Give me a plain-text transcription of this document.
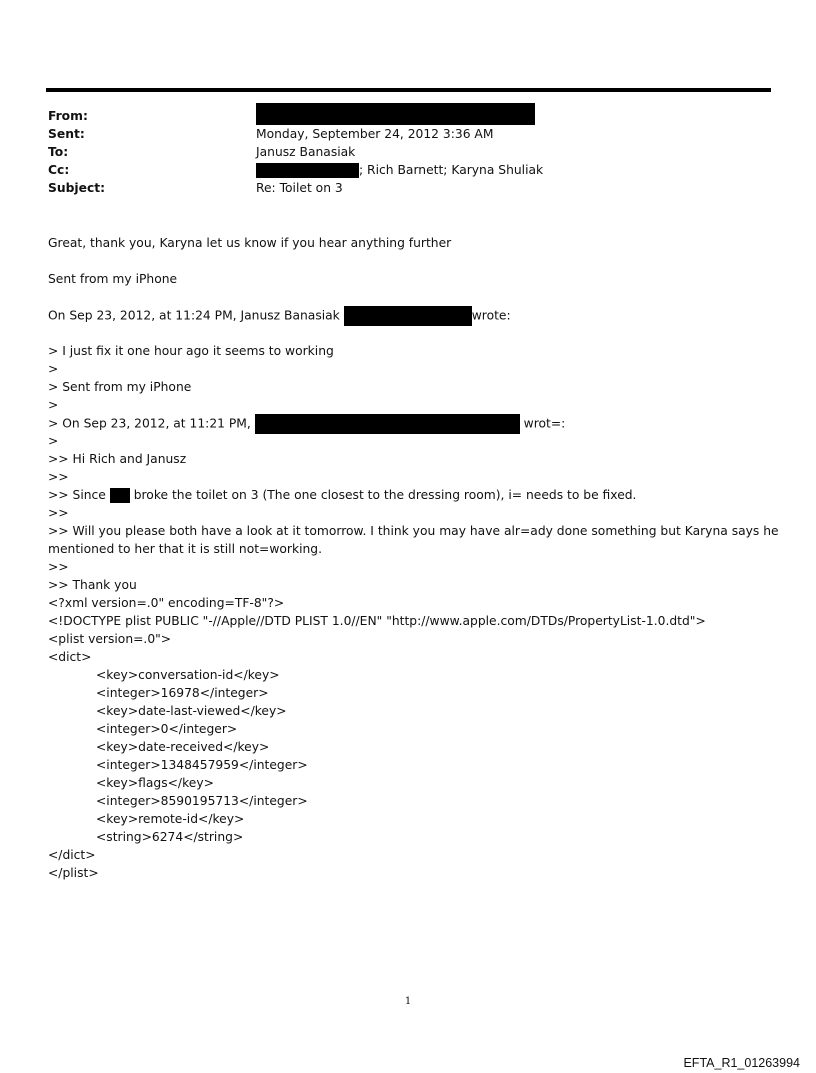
From:
Sent:	Monday, September 24, 2012 3:36 AM
To:	Janusz Banasiak
Cc:	; Rich Barnett; Karyna Shuliak
Subject:	Re: Toilet on 3
Great, thank you, Karyna let us know if you hear anything further
Sent from my iPhone
On Sep 23, 2012, at 11:24 PM, Janusz Banasiak	wrote:
> I just fix it one hour ago it seems to working
>
> Sent from my iPhone
>
> On Sep 23, 2012, at 11:21 PM,	wrot=:
>
>> Hi Rich and Janusz
>>
>> Since broke the toilet on 3 (The one closest to the dressing room), i= needs to be fixed.
>>
>> Will you please both have a look at it tomorrow. I think you may have alr=ady done something but Karyna says he
mentioned to her that it is still not=working.
>>
>> Thank you
<?xml version=.0" encoding=TF-8"?>
<!DOCTYPE plist PUBLIC "-//Apple//DTD PLIST 1.0//EN" "http://www.apple.com/DTDs/PropertyList-1.0.dtd">
<plist version=.0">
<dict>
<key>conversation-id</key>
<integer>16978</integer>
<key>date-last-viewed</key>
<integer>0</integer>
<key>date-received</key>
<integer>1348457959</integer>
<key>flags</key>
<integer>8590195713</integer>
<key>remote-id</key>
<string>6274</string>
</dict>
</plist>
1
EFTA_R1_01263994
